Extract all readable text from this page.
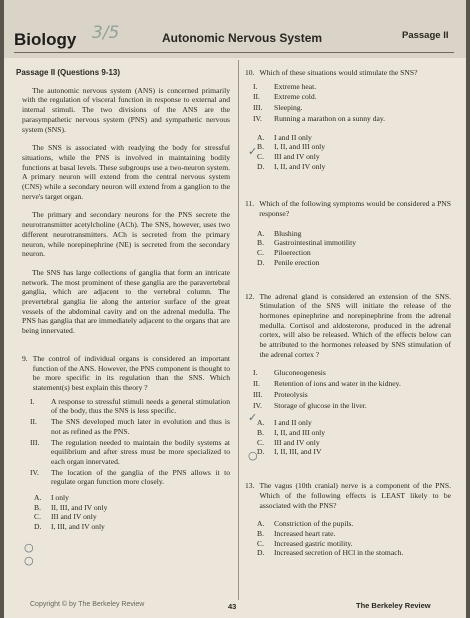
Biology 3/5	Autonomic Nervous System	Passage II
Passage II (Questions 9-13)

The autonomic nervous system (ANS) is concerned primarily with the regulation of visceral function in response to external and internal stimuli. The two divisions of the ANS are the parasympathetic nervous system (PNS) and sympathetic nervous system (SNS).

The SNS is associated with readying the body for stressful situations, while the PNS is involved in maintaining bodily functions at basal levels. These subgroups use a two-neuron system. A primary neuron will extend from the central nervous system (CNS) while a secondary neuron will extend from a ganglion to the nerve's target organ.

The primary and secondary neurons for the PNS secrete the neurotransmitter acetylcholine (ACh). The SNS, however, uses two different neurotransmitters. ACh is secreted from the primary neuron, while norepinephrine (NE) is secreted from the secondary neuron.

The SNS has large collections of ganglia that form an intricate network. The most prominent of these ganglia are the paravertebral ganglia, which are adjacent to the vertebral column. The prevertebral ganglia lie along the anterior surface of the great vessels of the abdominal cavity and on the adrenal medulla. The PNS has ganglia that are immediately adjacent to the organs that are being innervated.

9. The control of individual organs is considered an important function of the ANS. However, the PNS component is thought to be more specific in its regulation than the SNS. Which statement(s) best explain this theory ?
I.	A response to stressful stimuli needs a general stimulation of the body, thus the SNS is less specific.
II.	The SNS developed much later in evolution and thus is not as refined as the PNS.
III.	The regulation needed to maintain the bodily systems at equilibrium and after stress must be more specialized to each organ innervated.
IV.	The location of the ganglia of the PNS allows it to regulate organ function more closely.
A.	I only
B.	II, III, and IV only
C.	III and IV only
D.	I, III, and IV only
10. Which of these situations would stimulate the SNS?
I.	Extreme heat.
II.	Extreme cold.
III.	Sleeping.
IV.	Running a marathon on a sunny day.
A.	I and II only
B.	I, II, and III only
C.	III and IV only
D.	I, II, and IV only
11. Which of the following symptoms would be considered a PNS response?
A.	Blushing
B.	Gastrointestinal immotility
C.	Piloerection
D.	Penile erection
12. The adrenal gland is considered an extension of the SNS. Stimulation of the SNS will initiate the release of the hormones epinephrine and norepinephrine from the adrenal medulla. Cortisol and aldosterone, produced in the adrenal cortex, will also be released. Which of the effects below can be attributed to the hormones released by SNS stimulation of the adrenal cortex ?
I.	Gluconeogenesis
II.	Retention of ions and water in the kidney.
III.	Proteolysis
IV.	Storage of glucose in the liver.
A.	I and II only
B.	I, II, and III only
C.	III and IV only
D.	I, II, III, and IV
13. The vagus (10th cranial) nerve is a component of the PNS. Which of the following effects is LEAST likely to be associated with the PNS?
A.	Constriction of the pupils.
B.	Increased heart rate.
C.	Increased gastric motility.
D.	Increased secretion of HCl in the stomach.
○
○
✓
✓
○
Copyright © by The Berkeley Review	43	The Berkeley Review
